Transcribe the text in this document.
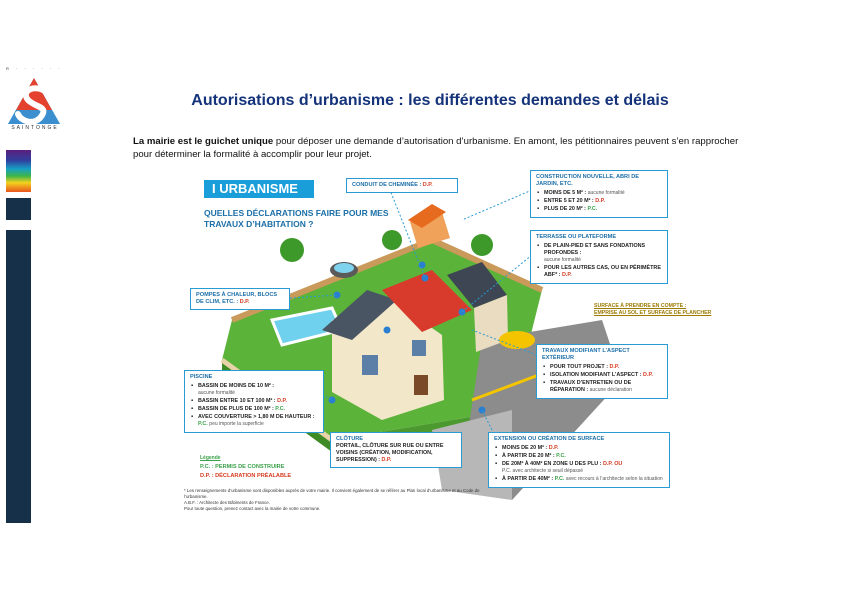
R · · · · · ·
SAINTONGE
Autorisations d’urbanisme : les différentes demandes et délais

La mairie est le guichet unique pour déposer une demande d’autorisation d’urbanisme. En amont, les pétitionnaires peuvent s’en rapprocher pour déterminer la formalité à accomplir pour leur projet.

I URBANISME
QUELLES DÉCLARATIONS FAIRE POUR MES TRAVAUX D’HABITATION ?
CONDUIT DE CHEMINÉE : D.P.
CONSTRUCTION NOUVELLE, ABRI DE JARDIN, ETC.
▪ MOINS DE 5 M² : aucune formalité
▪ ENTRE 5 ET 20 M² : D.P.
▪ PLUS DE 20 M² : P.C.
TERRASSE OU PLATEFORME
▪ DE PLAIN-PIED ET SANS FONDATIONS PROFONDES :
aucune formalité
▪ POUR LES AUTRES CAS, OU EN PÉRIMÈTRE ABF* : D.P.
SURFACE À PRENDRE EN COMPTE :
EMPRISE AU SOL ET SURFACE DE PLANCHER
POMPES À CHALEUR, BLOCS DE CLIM, ETC. : D.P.
TRAVAUX MODIFIANT L’ASPECT EXTÉRIEUR
▪ POUR TOUT PROJET : D.P.
▪ ISOLATION MODIFIANT L’ASPECT : D.P.
▪ TRAVAUX D’ENTRETIEN OU DE RÉPARATION : aucune déclaration
PISCINE
▪ BASSIN DE MOINS DE 10 M² :
aucune formalité
▪ BASSIN ENTRE 10 ET 100 M² : D.P.
▪ BASSIN DE PLUS DE 100 M² : P.C.
▪ AVEC COUVERTURE > 1,80 M DE HAUTEUR : P.C. peu importe la superficie
CLÔTURE
PORTAIL, CLÔTURE SUR RUE OU ENTRE VOISINS (CRÉATION, MODIFICATION, SUPPRESSION) : D.P.
EXTENSION OU CRÉATION DE SURFACE
▪ MOINS DE 20 M² : D.P.
▪ À PARTIR DE 20 M² : P.C.
▪ DE 20M² À 40M² EN ZONE U DES PLU : D.P. OU
P.C. avec architecte si seuil dépassé
▪ À PARTIR DE 40M² : P.C. avec recours à l’architecte selon la situation
Légende
P.C. : PERMIS DE CONSTRUIRE
D.P. : DÉCLARATION PRÉALABLE
* Les renseignements d’urbanisme sont disponibles auprès de votre mairie. Il convient également de se référer au Plan local d’urbanisme et au Code de l’urbanisme.
A.B.F. : Architecte des Bâtiments de France.
Pour toute question, prenez contact avec la mairie de votre commune.
